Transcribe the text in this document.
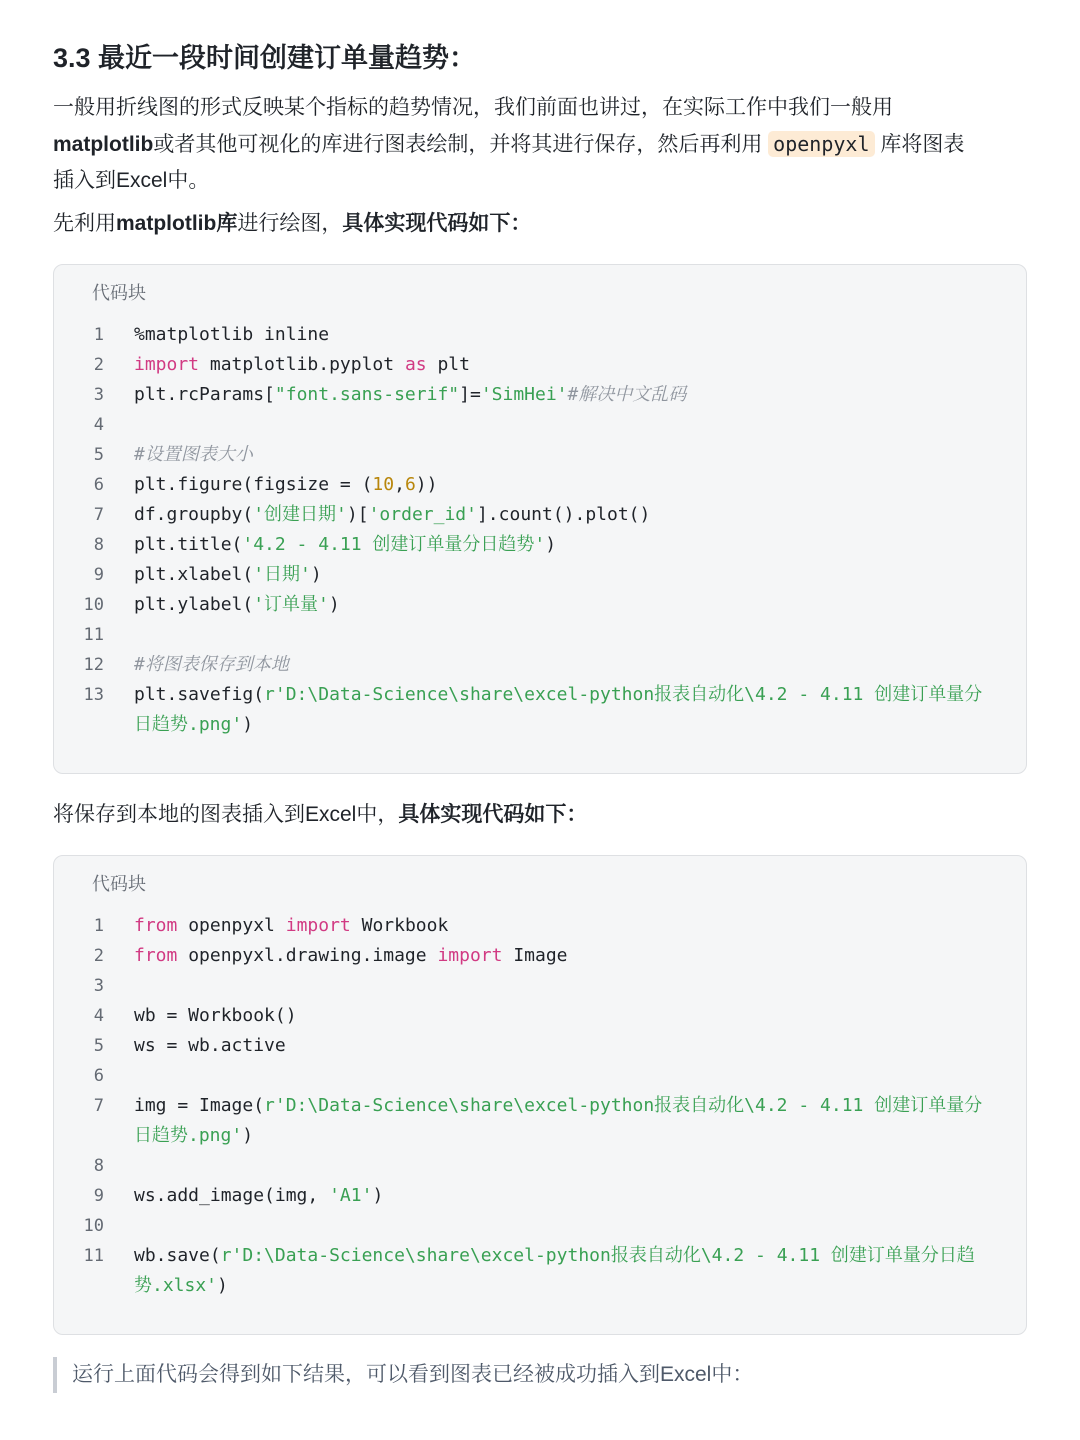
3.3 最近一段时间创建订单量趋势：
一般用折线图的形式反映某个指标的趋势情况，我们前面也讲过，在实际工作中我们一般用
matplotlib或者其他可视化的库进行图表绘制，并将其进行保存，然后再利用 openpyxl 库将图表
插入到Excel中。
先利用matplotlib库进行绘图，具体实现代码如下：
代码块
1 %matplotlib inline
2 import matplotlib.pyplot as plt
3 plt.rcParams["font.sans-serif"]='SimHei'#解决中文乱码
4
5 #设置图表大小
6 plt.figure(figsize = (10,6))
7 df.groupby('创建日期')['order_id'].count().plot()
8 plt.title('4.2 - 4.11 创建订单量分日趋势')
9 plt.xlabel('日期')
10 plt.ylabel('订单量')
11
12 #将图表保存到本地
13 plt.savefig(r'D:\Data-Science\share\excel-python报表自动化\4.2 - 4.11 创建订单量分
日趋势.png')
将保存到本地的图表插入到Excel中，具体实现代码如下：
代码块
1 from openpyxl import Workbook
2 from openpyxl.drawing.image import Image
3
4 wb = Workbook()
5 ws = wb.active
6
7 img = Image(r'D:\Data-Science\share\excel-python报表自动化\4.2 - 4.11 创建订单量分
日趋势.png')
8
9 ws.add_image(img, 'A1')
10
11 wb.save(r'D:\Data-Science\share\excel-python报表自动化\4.2 - 4.11 创建订单量分日趋
势.xlsx')
运行上面代码会得到如下结果，可以看到图表已经被成功插入到Excel中：
